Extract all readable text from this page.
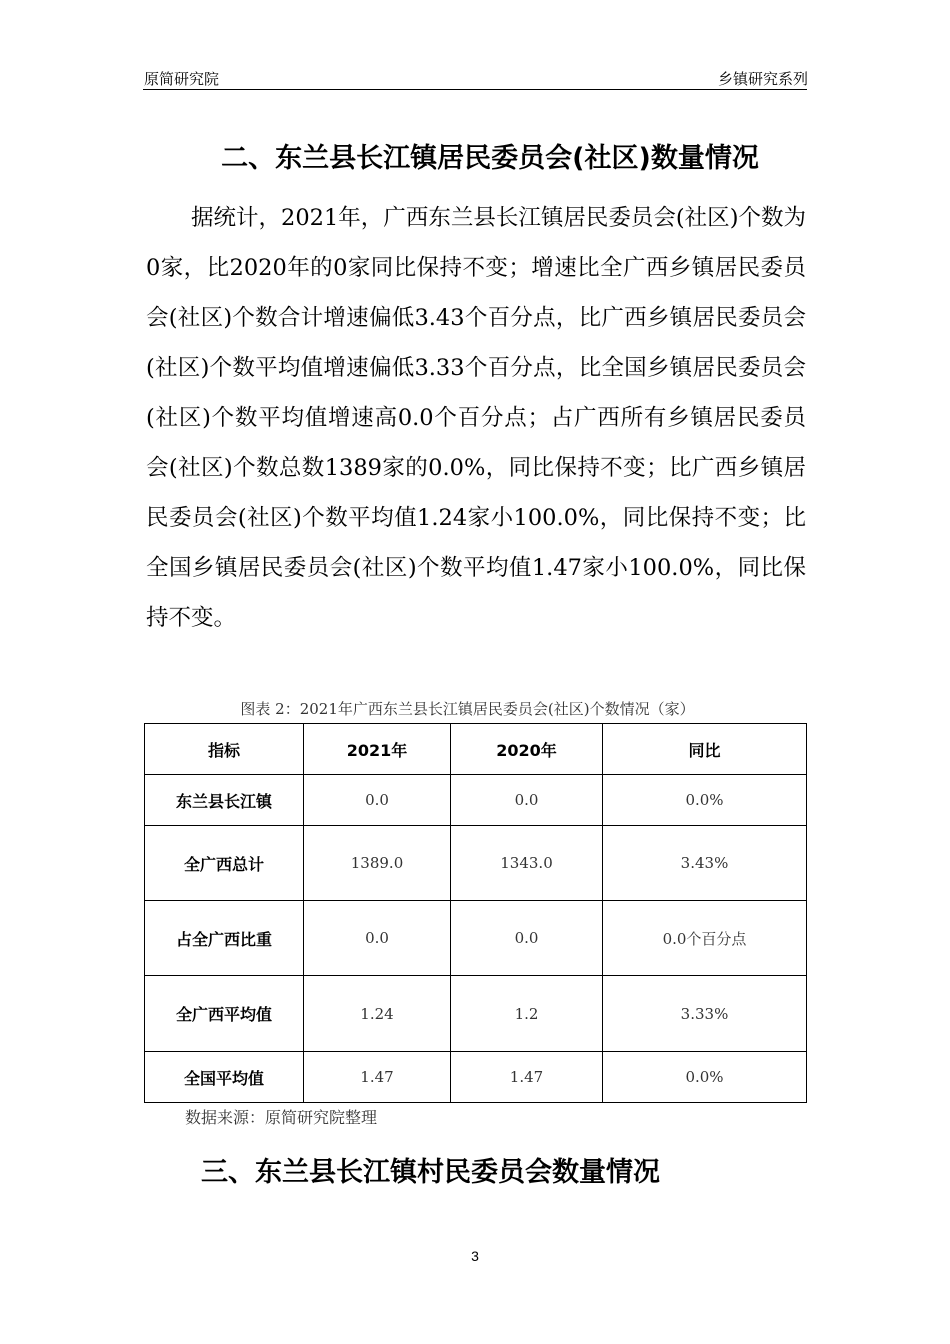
原简研究院	乡镇研究系列
二、东兰县长江镇居民委员会(社区)数量情况

据统计，2021年，广西东兰县长江镇居民委员会(社区)个数为0家，比2020年的0家同比保持不变；增速比全广西乡镇居民委员会(社区)个数合计增速偏低3.43个百分点，比广西乡镇居民委员会(社区)个数平均值增速偏低3.33个百分点，比全国乡镇居民委员会(社区)个数平均值增速高0.0个百分点；占广西所有乡镇居民委员会(社区)个数总数1389家的0.0%，同比保持不变；比广西乡镇居民委员会(社区)个数平均值1.24家小100.0%，同比保持不变；比全国乡镇居民委员会(社区)个数平均值1.47家小100.0%，同比保持不变。

图表 2：2021年广西东兰县长江镇居民委员会(社区)个数情况（家）
指标	2021年	2020年	同比
东兰县长江镇	0.0	0.0	0.0%
全广西总计	1389.0	1343.0	3.43%
占全广西比重	0.0	0.0	0.0个百分点
全广西平均值	1.24	1.2	3.33%
全国平均值	1.47	1.47	0.0%
数据来源：原简研究院整理
三、东兰县长江镇村民委员会数量情况
3
